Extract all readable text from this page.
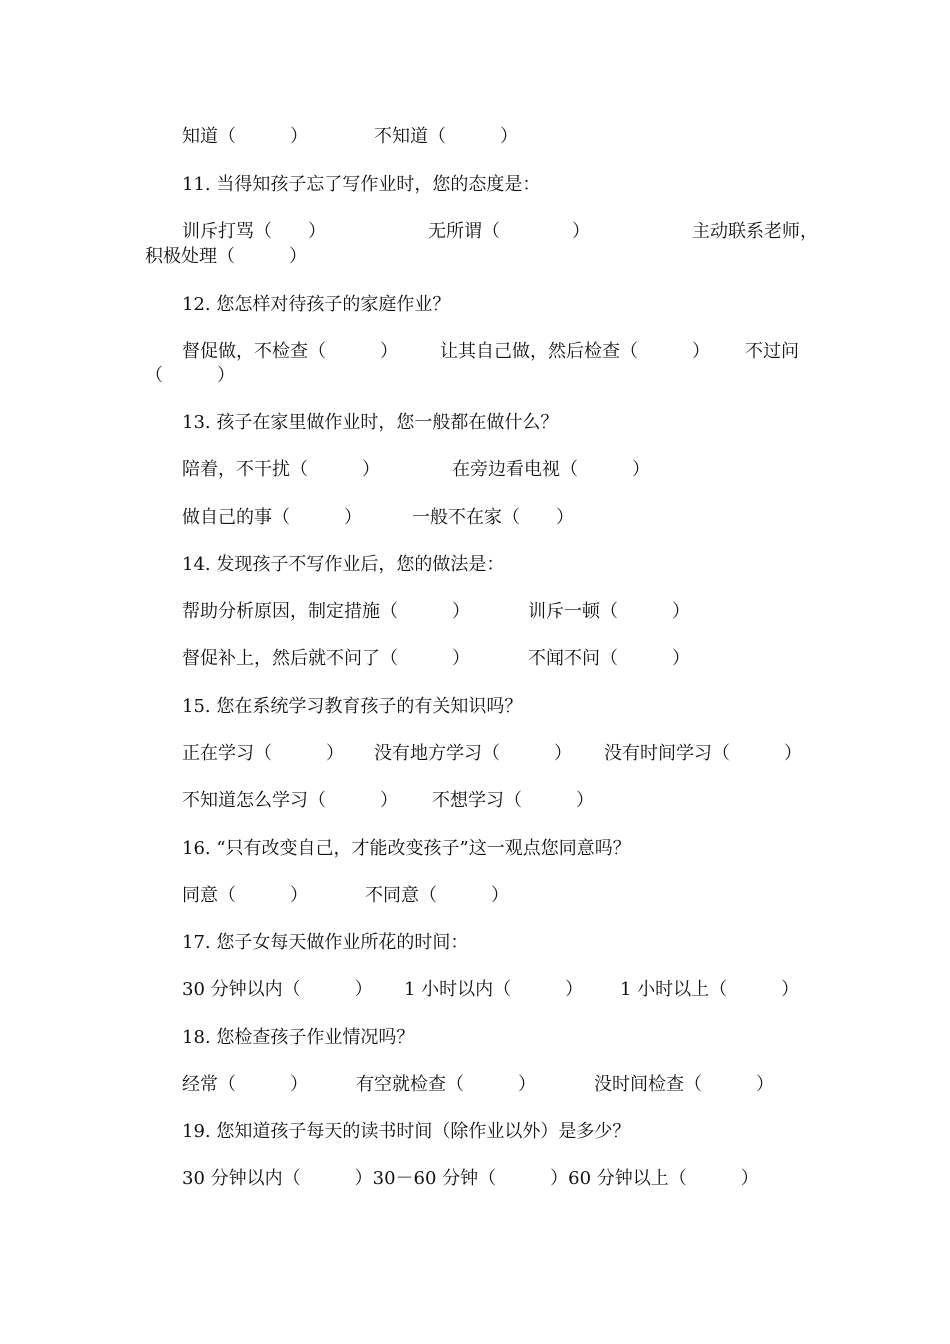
知道（　　　）	不知道（　　　）
11. 当得知孩子忘了写作业时，您的态度是：
训斥打骂（　　）	无所谓（　　　　）	主动联系老师，
积极处理（　　　）
12. 您怎样对待孩子的家庭作业？
督促做，不检查（　　　） 让其自己做，然后检查（　　　） 不过问
（　　　）
13. 孩子在家里做作业时，您一般都在做什么？
陪着，不干扰（　　　）	在旁边看电视（　　　）
做自己的事（　　　）	一般不在家（　　）
14. 发现孩子不写作业后，您的做法是：
帮助分析原因，制定措施（　　　）	训斥一顿（　　　）
督促补上，然后就不问了（　　　）	不闻不问（　　　）
15. 您在系统学习教育孩子的有关知识吗？
正在学习（　　　） 没有地方学习（　　　） 没有时间学习（　　　）
不知道怎么学习（　　　） 不想学习（　　　）
16. “只有改变自己，才能改变孩子”这一观点您同意吗？
同意（　　　）	不同意（　　　）
17. 您子女每天做作业所花的时间：
30 分钟以内（　　　） 1 小时以内（　　　） 1 小时以上（　　　）
18. 您检查孩子作业情况吗？
经常（　　　）	有空就检查（　　　）	没时间检查（　　　）
19. 您知道孩子每天的读书时间（除作业以外）是多少？
30 分钟以内（　　　）30－60 分钟（　　　）60 分钟以上（　　　）
